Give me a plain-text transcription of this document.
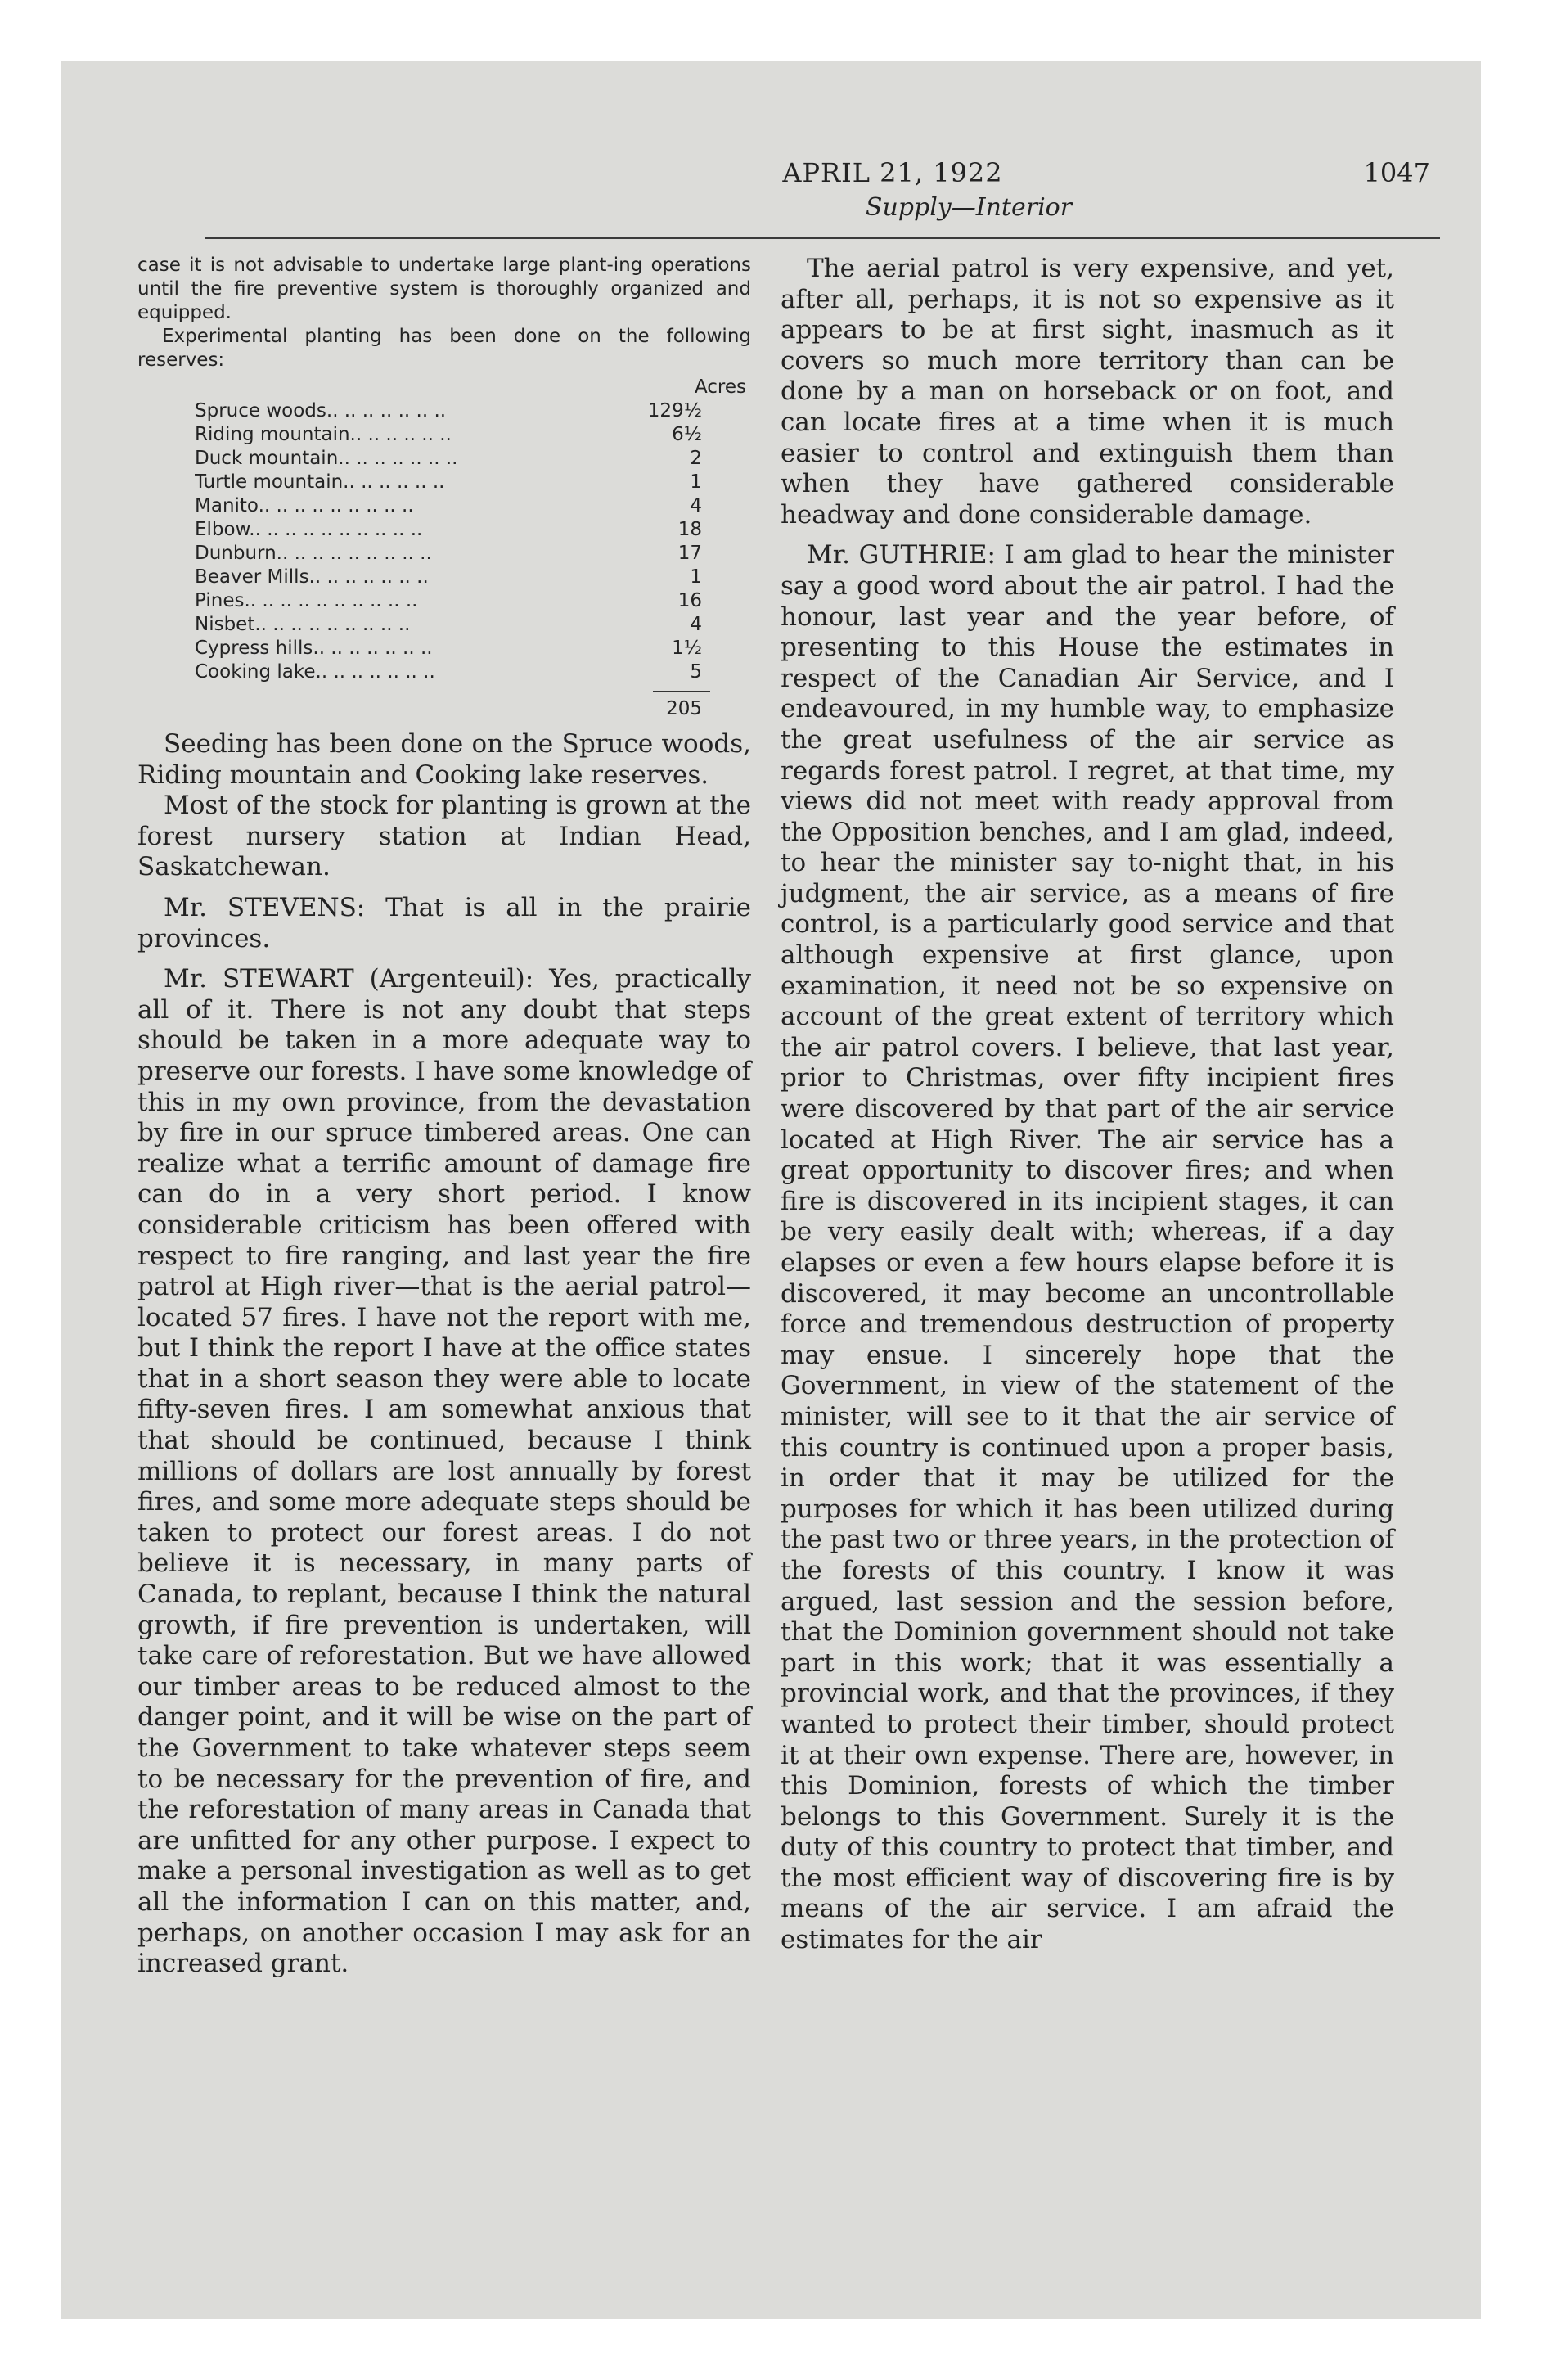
APRIL 21, 1922	1047
Supply—Interior

case it is not advisable to undertake large plant-ing operations until the fire preventive system is thoroughly organized and equipped.

Experimental planting has been done on the following reserves:

Acres
Spruce woods.. .. .. .. .. .. ..	129½
Riding mountain.. .. .. .. .. ..	6½
Duck mountain.. .. .. .. .. .. ..	2
Turtle mountain.. .. .. .. .. ..	1
Manito.. .. .. .. .. .. .. .. ..	4
Elbow.. .. .. .. .. .. .. .. .. ..	18
Dunburn.. .. .. .. .. .. .. .. ..	17
Beaver Mills.. .. .. .. .. .. ..	1
Pines.. .. .. .. .. .. .. .. .. ..	16
Nisbet.. .. .. .. .. .. .. .. ..	4
Cypress hills.. .. .. .. .. .. ..	1½
Cooking lake.. .. .. .. .. .. ..	5
205

Seeding has been done on the Spruce woods, Riding mountain and Cooking lake reserves.

Most of the stock for planting is grown at the forest nursery station at Indian Head, Saskatchewan.

Mr. STEVENS: That is all in the prairie provinces.

Mr. STEWART (Argenteuil): Yes, practically all of it. There is not any doubt that steps should be taken in a more adequate way to preserve our forests. I have some knowledge of this in my own province, from the devastation by fire in our spruce timbered areas. One can realize what a terrific amount of damage fire can do in a very short period. I know considerable criticism has been offered with respect to fire ranging, and last year the fire patrol at High river—that is the aerial patrol—located 57 fires. I have not the report with me, but I think the report I have at the office states that in a short season they were able to locate fifty-seven fires. I am somewhat anxious that that should be continued, because I think millions of dollars are lost annually by forest fires, and some more adequate steps should be taken to protect our forest areas. I do not believe it is necessary, in many parts of Canada, to replant, because I think the natural growth, if fire prevention is undertaken, will take care of reforestation. But we have allowed our timber areas to be reduced almost to the danger point, and it will be wise on the part of the Government to take whatever steps seem to be necessary for the prevention of fire, and the reforestation of many areas in Canada that are unfitted for any other purpose. I expect to make a personal investigation as well as to get all the information I can on this matter, and, perhaps, on another occasion I may ask for an increased grant.

The aerial patrol is very expensive, and yet, after all, perhaps, it is not so expensive as it appears to be at first sight, inasmuch as it covers so much more territory than can be done by a man on horseback or on foot, and can locate fires at a time when it is much easier to control and extinguish them than when they have gathered considerable headway and done considerable damage.

Mr. GUTHRIE: I am glad to hear the minister say a good word about the air patrol. I had the honour, last year and the year before, of presenting to this House the estimates in respect of the Canadian Air Service, and I endeavoured, in my humble way, to emphasize the great usefulness of the air service as regards forest patrol. I regret, at that time, my views did not meet with ready approval from the Opposition benches, and I am glad, indeed, to hear the minister say to-night that, in his judgment, the air service, as a means of fire control, is a particularly good service and that although expensive at first glance, upon examination, it need not be so expensive on account of the great extent of territory which the air patrol covers. I believe, that last year, prior to Christmas, over fifty incipient fires were discovered by that part of the air service located at High River. The air service has a great opportunity to discover fires; and when fire is discovered in its incipient stages, it can be very easily dealt with; whereas, if a day elapses or even a few hours elapse before it is discovered, it may become an uncontrollable force and tremendous destruction of property may ensue. I sincerely hope that the Government, in view of the statement of the minister, will see to it that the air service of this country is continued upon a proper basis, in order that it may be utilized for the purposes for which it has been utilized during the past two or three years, in the protection of the forests of this country. I know it was argued, last session and the session before, that the Dominion government should not take part in this work; that it was essentially a provincial work, and that the provinces, if they wanted to protect their timber, should protect it at their own expense. There are, however, in this Dominion, forests of which the timber belongs to this Government. Surely it is the duty of this country to protect that timber, and the most efficient way of discovering fire is by means of the air service. I am afraid the estimates for the air
